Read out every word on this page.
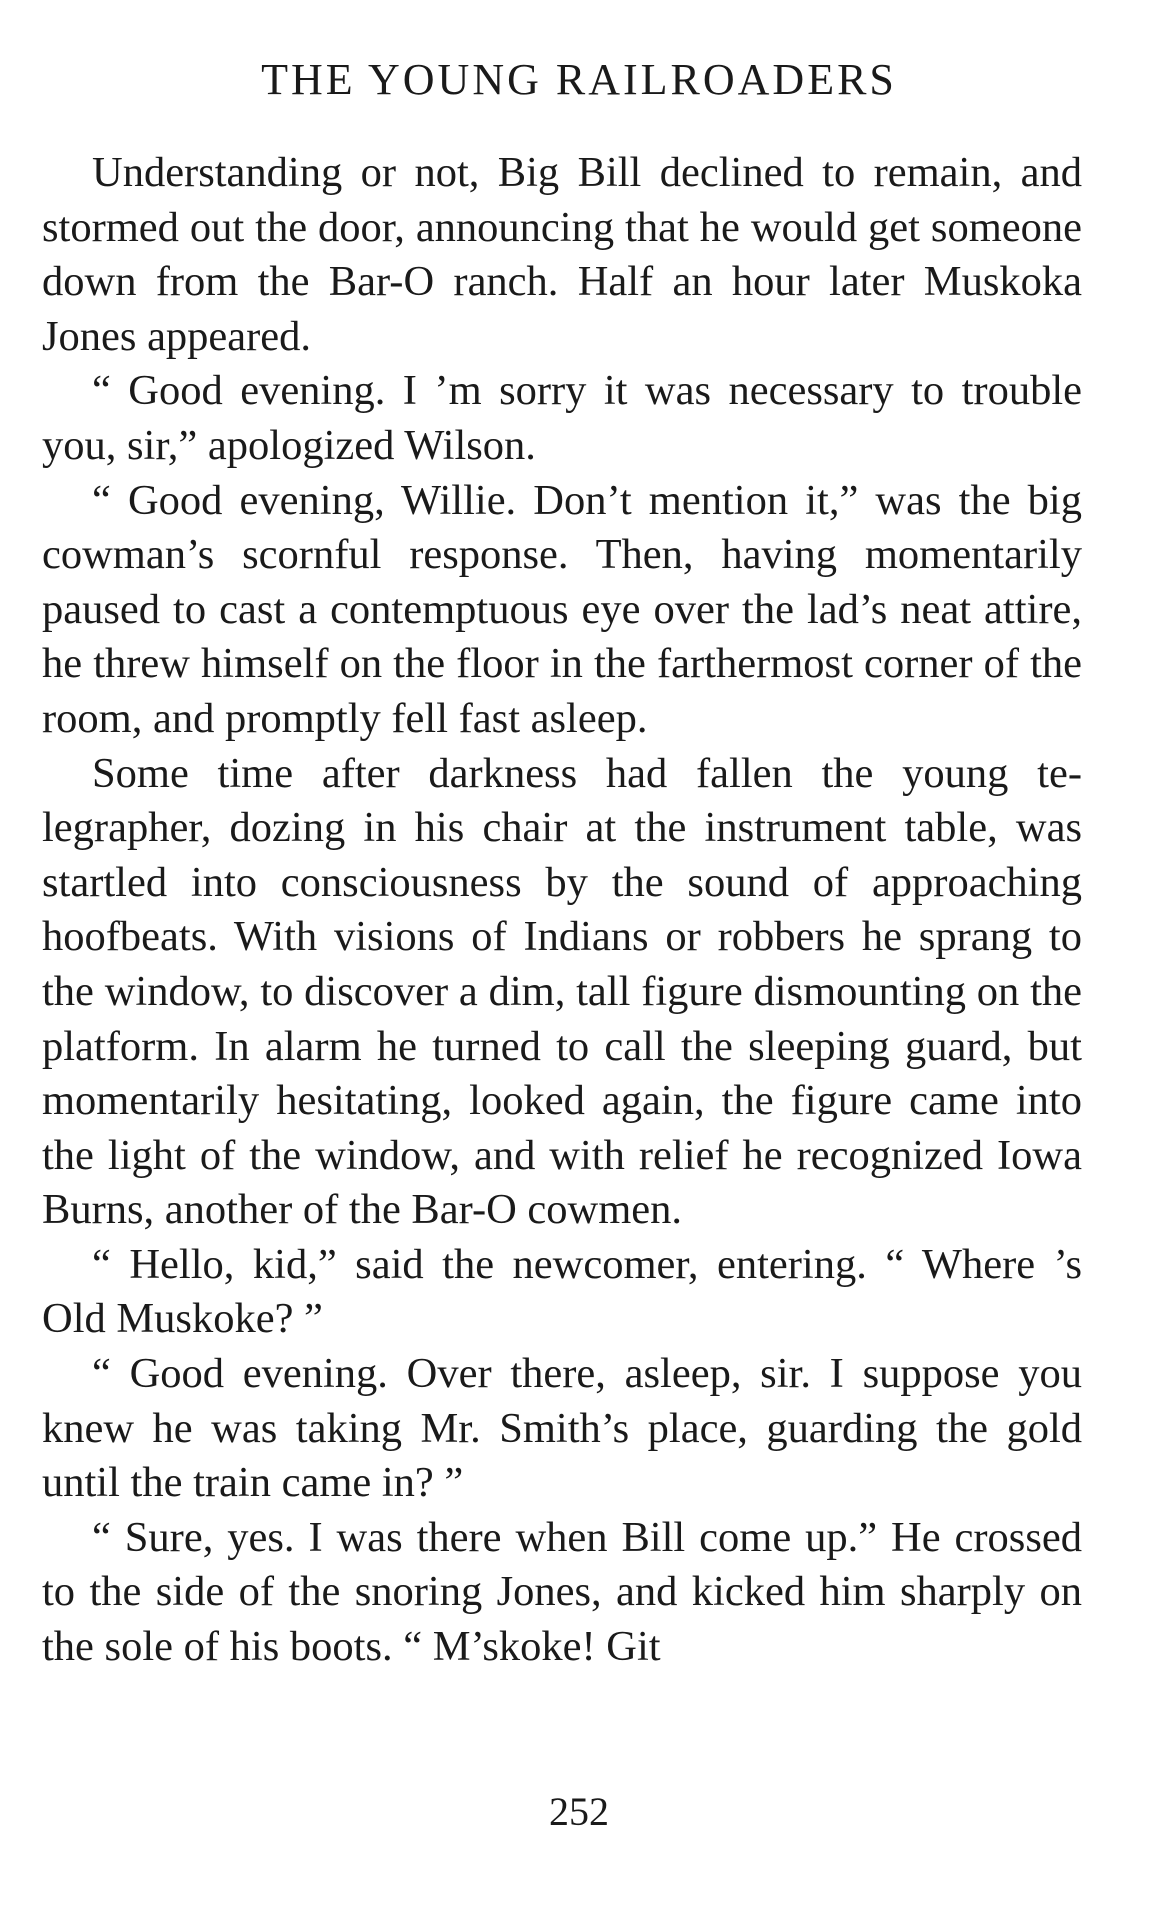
THE YOUNG RAILROADERS

Understanding or not, Big Bill declined to remain, and stormed out the door, announcing that he would get someone down from the Bar-O ranch. Half an hour later Muskoka Jones appeared.

“ Good evening. I ’m sorry it was necessary to trouble you, sir,” apologized Wilson.

“ Good evening, Willie. Don’t mention it,” was the big cowman’s scornful response. Then, having momentarily paused to cast a contemptuous eye over the lad’s neat attire, he threw himself on the floor in the farthermost corner of the room, and promptly fell fast asleep.

Some time after darkness had fallen the young telegrapher, dozing in his chair at the instrument table, was startled into consciousness by the sound of approaching hoofbeats. With visions of Indians or robbers he sprang to the window, to discover a dim, tall figure dismounting on the platform. In alarm he turned to call the sleeping guard, but momentarily hesitating, looked again, the figure came into the light of the window, and with relief he recognized Iowa Burns, another of the Bar-O cowmen.

“ Hello, kid,” said the newcomer, entering. “ Where ’s Old Muskoke? ”

“ Good evening. Over there, asleep, sir. I suppose you knew he was taking Mr. Smith’s place, guarding the gold until the train came in? ”

“ Sure, yes. I was there when Bill come up.” He crossed to the side of the snoring Jones, and kicked him sharply on the sole of his boots. “ M’skoke! Git

252
